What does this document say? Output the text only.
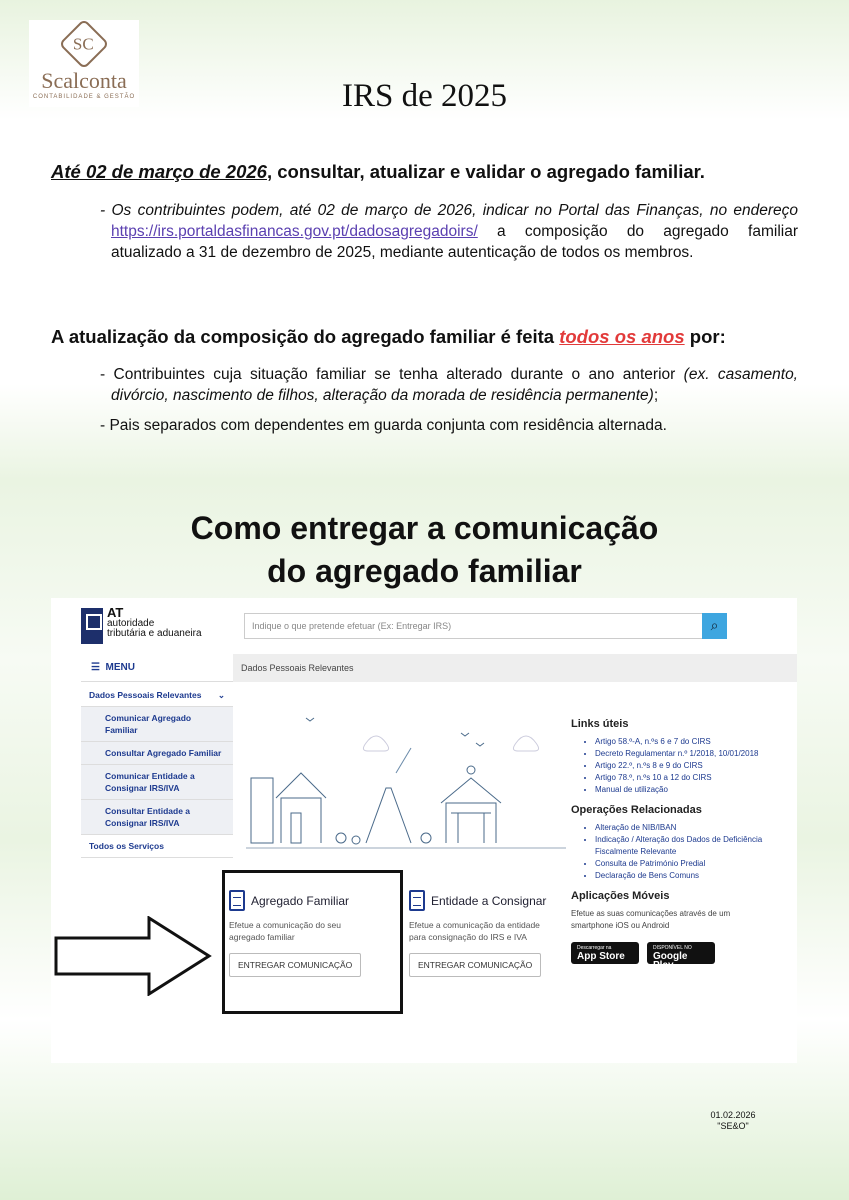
SC
Scalconta
CONTABILIDADE & GESTÃO	IRS de 2025
Até 02 de março de 2026, consultar, atualizar e validar o agregado familiar.
- Os contribuintes podem, até 02 de março de 2026, indicar no Portal das Finanças, no endereço https://irs.portaldasfinancas.gov.pt/dadosagregadoirs/ a composição do agregado familiar atualizado a 31 de dezembro de 2025, mediante autenticação de todos os membros.
A atualização da composição do agregado familiar é feita todos os anos por:
- Contribuintes cuja situação familiar se tenha alterado durante o ano anterior (ex. casamento, divórcio, nascimento de filhos, alteração da morada de residência permanente);
- Pais separados com dependentes em guarda conjunta com residência alternada.
Como entregar a comunicação
do agregado familiar
AT
autoridade
tributária e aduaneira
Indique o que pretende efetuar (Ex: Entregar IRS)	⌕
☰  MENU	Dados Pessoais Relevantes
Dados Pessoais Relevantes ⌄
Comunicar Agregado Familiar
Consultar Agregado Familiar
Comunicar Entidade a Consignar IRS/IVA
Consultar Entidade a Consignar IRS/IVA
Todos os Serviços
Agregado Familiar
Efetue a comunicação do seu agregado familiar
ENTREGAR COMUNICAÇÃO
Entidade a Consignar
Efetue a comunicação da entidade para consignação do IRS e IVA
ENTREGAR COMUNICAÇÃO
Links úteis
• Artigo 58.º-A, n.ºs 6 e 7 do CIRS
• Decreto Regulamentar n.º 1/2018, 10/01/2018
• Artigo 22.º, n.ºs 8 e 9 do CIRS
• Artigo 78.º, n.ºs 10 a 12 do CIRS
• Manual de utilização
Operações Relacionadas
• Alteração de NIB/IBAN
• Indicação / Alteração dos Dados de Deficiência Fiscalmente Relevante
• Consulta de Património Predial
• Declaração de Bens Comuns
Aplicações Móveis
Efetue as suas comunicações através de um smartphone iOS ou Android
Descarregar na
App Store
DISPONÍVEL NO
Google Play
01.02.2026
"SE&O"
